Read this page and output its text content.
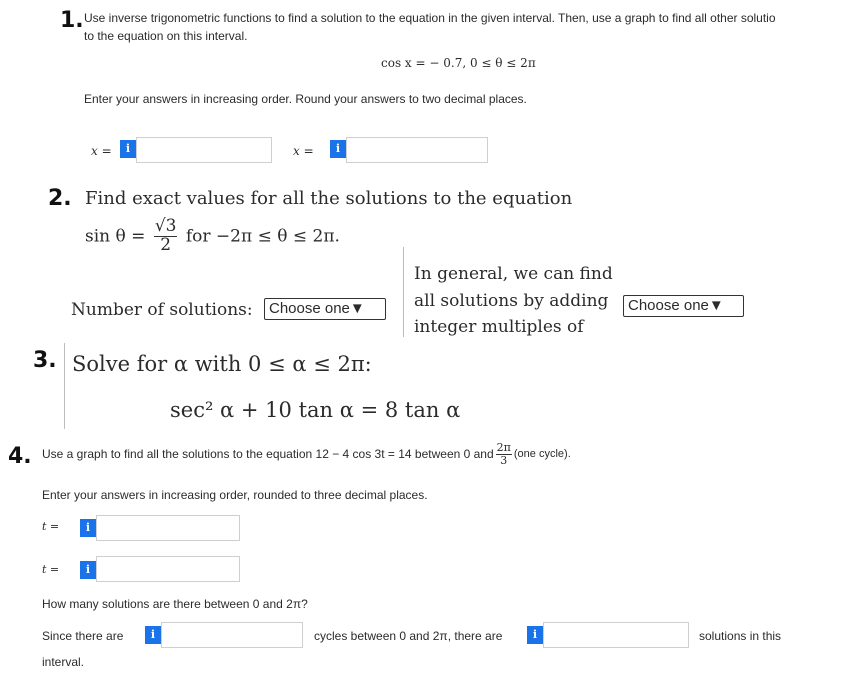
1. Use inverse trigonometric functions to find a solution to the equation in the given interval. Then, use a graph to find all other solutio
to the equation on this interval.
cos x = − 0.7, 0 ≤ θ ≤ 2π
Enter your answers in increasing order. Round your answers to two decimal places.
x =	i	x =	i
2. Find exact values for all the solutions to the equation
$\sin \theta = \frac{√3}{2}$ for −2π ≤ θ ≤ 2π.
Number of solutions:	Choose one▼
In general, we can find
all solutions by adding
integer multiples of
Choose one▼
3. Solve for α with 0 ≤ α ≤ 2π:
sec² α + 10 tan α = 8 tan α
4. Use a graph to find all the solutions to the equation 12 − 4 cos 3t = 14 between 0 and $\frac{2\pi}{3} (one$ cycle).
Enter your answers in increasing order, rounded to three decimal places.
t =	i
t =	i
How many solutions are there between 0 and 2π?
Since there are	i	cycles between 0 and 2π, there are	i	solutions in this
interval.
